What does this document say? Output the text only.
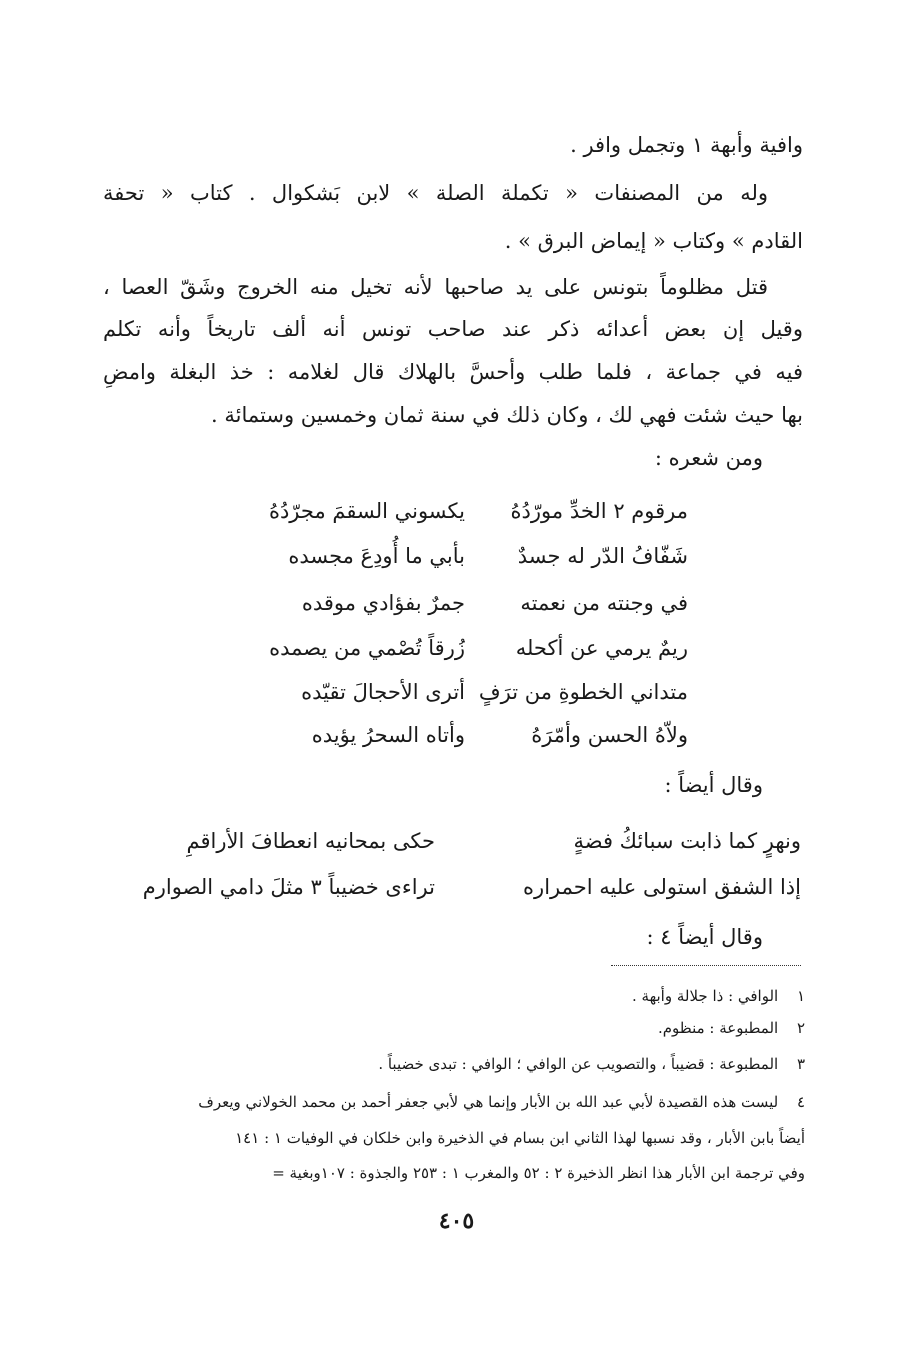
وافية وأبهة ١ وتجمل وافر .
وله من المصنفات « تكملة الصلة » لابن بَشكوال . كتاب « تحفة
القادم » وكتاب « إيماض البرق » .
قتل مظلوماً بتونس على يد صاحبها لأنه تخيل منه الخروج وشَقّ العصا ،
وقيل إن بعض أعدائه ذكر عند صاحب تونس أنه ألف تاريخاً وأنه تكلم
فيه في جماعة ، فلما طلب وأحسَّ بالهلاك قال لغلامه : خذ البغلة وامضِ
بها حيث شئت فهي لك ، وكان ذلك في سنة ثمان وخمسين وستمائة .
ومن شعره :
مرقوم ٢ الخدِّ مورّدُهُ
يكسوني السقمَ مجرّدُهُ
شَفّافُ الدّر له جسدٌ
بأبي ما أُودِعَ مجسده
في وجنته من نعمته
جمرٌ بفؤادي موقده
ريمٌ يرمي عن أكحله
زُرقاً تُصْمي من يصمده
متداني الخطوةِ من ترَفٍ
أترى الأحجالَ تقيّده
ولاّهُ الحسن وأمّرَهُ
وأتاه السحرُ يؤيده
وقال أيضاً :
ونهرٍ كما ذابت سبائكُ فضةٍ
حكى بمحانيه انعطافَ الأراقمِ
إذا الشفق استولى عليه احمراره
تراءى خضيباً ٣ مثلَ دامي الصوارم
وقال أيضاً ٤ :
١ الوافي : ذا جلالة وأبهة .
٢ المطبوعة : منظوم.
٣ المطبوعة : قضيباً ، والتصويب عن الوافي ؛ الوافي : تبدى خضيباً .
٤ ليست هذه القصيدة لأبي عبد الله بن الأبار وإنما هي لأبي جعفر أحمد بن محمد الخولاني ويعرف
أيضاً بابن الأبار ، وقد نسبها لهذا الثاني ابن بسام في الذخيرة وابن خلكان في الوفيات ١ : ١٤١
وفي ترجمة ابن الأبار هذا انظر الذخيرة ٢ : ٥٢ والمغرب ١ : ٢٥٣ والجذوة : ١٠٧وبغية =
٤٠٥
